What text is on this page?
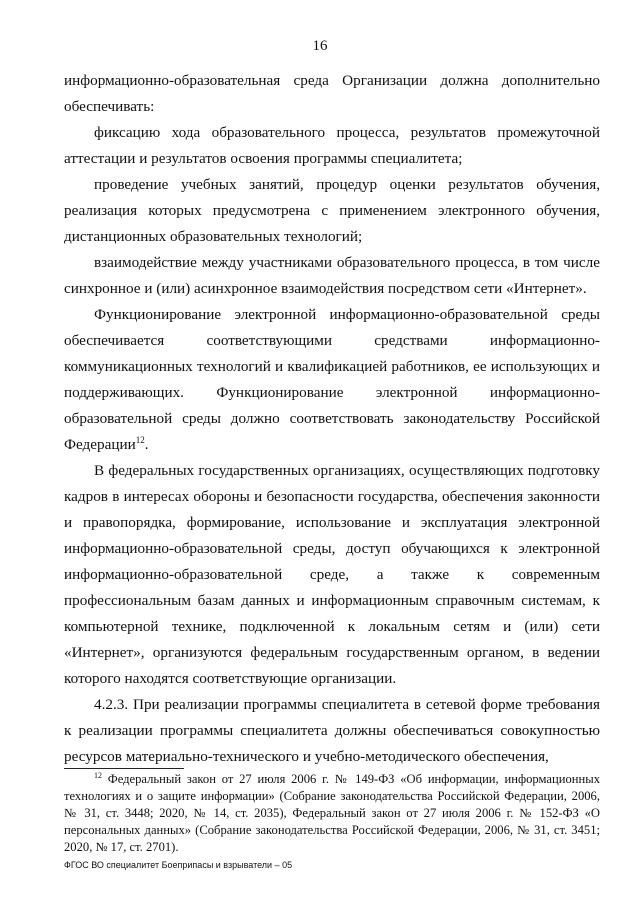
16

информационно-образовательная среда Организации должна дополнительно обеспечивать:

фиксацию хода образовательного процесса, результатов промежуточной аттестации и результатов освоения программы специалитета;

проведение учебных занятий, процедур оценки результатов обучения, реализация которых предусмотрена с применением электронного обучения, дистанционных образовательных технологий;

взаимодействие между участниками образовательного процесса, в том числе синхронное и (или) асинхронное взаимодействия посредством сети «Интернет».

Функционирование электронной информационно-образовательной среды обеспечивается соответствующими средствами информационно-коммуникационных технологий и квалификацией работников, ее использующих и поддерживающих. Функционирование электронной информационно-образовательной среды должно соответствовать законодательству Российской Федерации$^{12}$.

В федеральных государственных организациях, осуществляющих подготовку кадров в интересах обороны и безопасности государства, обеспечения законности и правопорядка, формирование, использование и эксплуатация электронной информационно-образовательной среды, доступ обучающихся к электронной информационно-образовательной среде, а также к современным профессиональным базам данных и информационным справочным системам, к компьютерной технике, подключенной к локальным сетям и (или) сети «Интернет», организуются федеральным государственным органом, в ведении которого находятся соответствующие организации.

4.2.3. При реализации программы специалитета в сетевой форме требования к реализации программы специалитета должны обеспечиваться совокупностью ресурсов материально-технического и учебно-методического обеспечения,

$^{12}$ Федеральный закон от 27 июля 2006 г. № 149-ФЗ «Об информации, информационных технологиях и о защите информации» (Собрание законодательства Российской Федерации, 2006, № 31, ст. 3448; 2020, № 14, ст. 2035), Федеральный закон от 27 июля 2006 г. № 152-ФЗ «О персональных данных» (Собрание законодательства Российской Федерации, 2006, № 31, ст. 3451; 2020, № 17, ст. 2701).
ФГОС ВО специалитет Боеприпасы и взрыватели – 05
